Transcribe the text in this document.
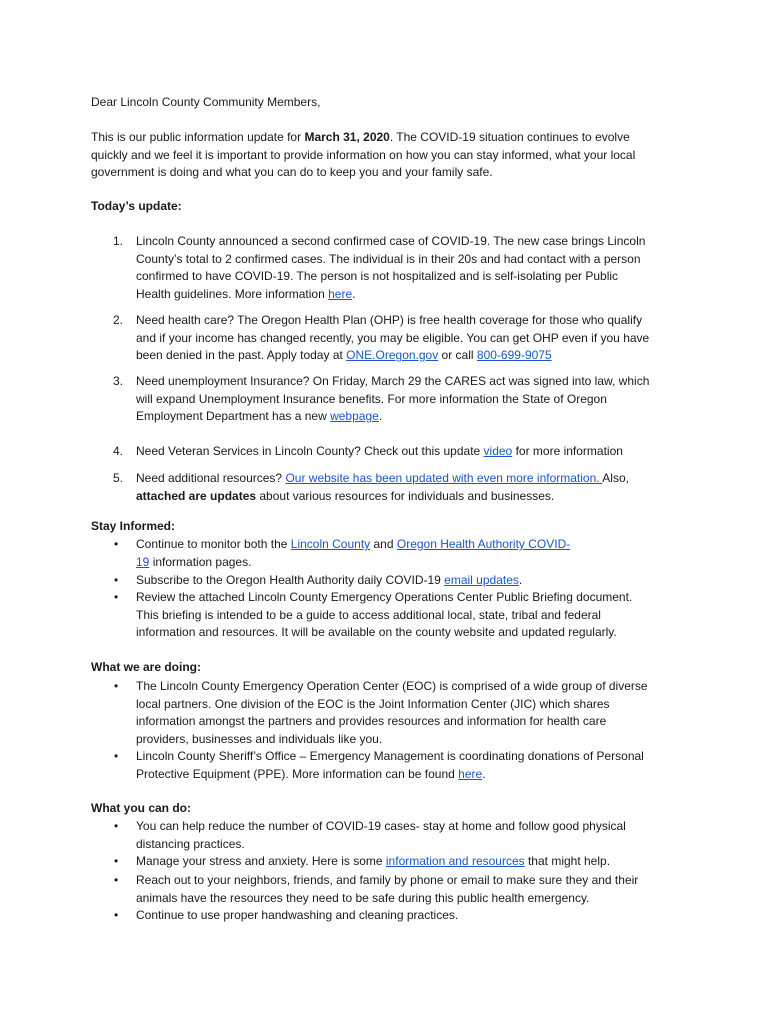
Dear Lincoln County Community Members,

This is our public information update for March 31, 2020. The COVID-19 situation continues to evolve
quickly and we feel it is important to provide information on how you can stay informed, what your local
government is doing and what you can do to keep you and your family safe.

Today’s update:

1. Lincoln County announced a second confirmed case of COVID-19. The new case brings Lincoln
County’s total to 2 confirmed cases. The individual is in their 20s and had contact with a person
confirmed to have COVID-19. The person is not hospitalized and is self-isolating per Public
Health guidelines. More information here.
2. Need health care? The Oregon Health Plan (OHP) is free health coverage for those who qualify
and if your income has changed recently, you may be eligible. You can get OHP even if you have
been denied in the past. Apply today at ONE.Oregon.gov or call 800-699-9075
3. Need unemployment Insurance? On Friday, March 29 the CARES act was signed into law, which
will expand Unemployment Insurance benefits. For more information the State of Oregon
Employment Department has a new webpage.
4. Need Veteran Services in Lincoln County? Check out this update video for more information
5. Need additional resources? Our website has been updated with even more information. Also,
attached are updates about various resources for individuals and businesses.

Stay Informed:

• Continue to monitor both the Lincoln County and Oregon Health Authority COVID-
19 information pages.
• Subscribe to the Oregon Health Authority daily COVID-19 email updates.
• Review the attached Lincoln County Emergency Operations Center Public Briefing document.
This briefing is intended to be a guide to access additional local, state, tribal and federal
information and resources. It will be available on the county website and updated regularly.

What we are doing:

• The Lincoln County Emergency Operation Center (EOC) is comprised of a wide group of diverse
local partners. One division of the EOC is the Joint Information Center (JIC) which shares
information amongst the partners and provides resources and information for health care
providers, businesses and individuals like you.
• Lincoln County Sheriff’s Office – Emergency Management is coordinating donations of Personal
Protective Equipment (PPE). More information can be found here.

What you can do:

• You can help reduce the number of COVID-19 cases- stay at home and follow good physical
distancing practices.
• Manage your stress and anxiety. Here is some information and resources that might help.
• Reach out to your neighbors, friends, and family by phone or email to make sure they and their
animals have the resources they need to be safe during this public health emergency.
• Continue to use proper handwashing and cleaning practices.
